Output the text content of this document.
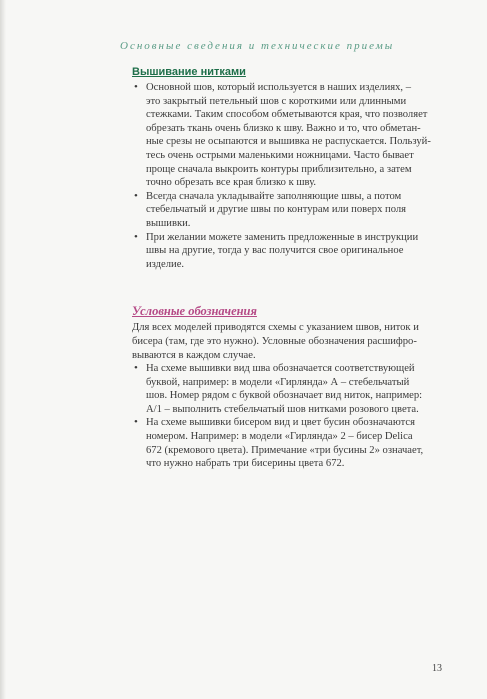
Основные сведения и технические приемы
Вышивание нитками
• Основной шов, который используется в наших изделиях, –
это закрытый петельный шов с короткими или длинными
стежками. Таким способом обметываются края, что позволяет
обрезать ткань очень близко к шву. Важно и то, что обметан-
ные срезы не осыпаются и вышивка не распускается. Пользуй-
тесь очень острыми маленькими ножницами. Часто бывает
проще сначала выкроить контуры приблизительно, а затем
точно обрезать все края близко к шву.
• Всегда сначала укладывайте заполняющие швы, а потом
стебельчатый и другие швы по контурам или поверх поля
вышивки.
• При желании можете заменить предложенные в инструкции
швы на другие, тогда у вас получится свое оригинальное
изделие.
Условные обозначения
Для всех моделей приводятся схемы с указанием швов, ниток и
бисера (там, где это нужно). Условные обозначения расшифро-
вываются в каждом случае.
• На схеме вышивки вид шва обозначается соответствующей
буквой, например: в модели «Гирлянда» А – стебельчатый
шов. Номер рядом с буквой обозначает вид ниток, например:
А/1 – выполнить стебельчатый шов нитками розового цвета.
• На схеме вышивки бисером вид и цвет бусин обозначаются
номером. Например: в модели «Гирлянда» 2 – бисер Delica
672 (кремового цвета). Примечание «три бусины 2» означает,
что нужно набрать три бисерины цвета 672.
13
